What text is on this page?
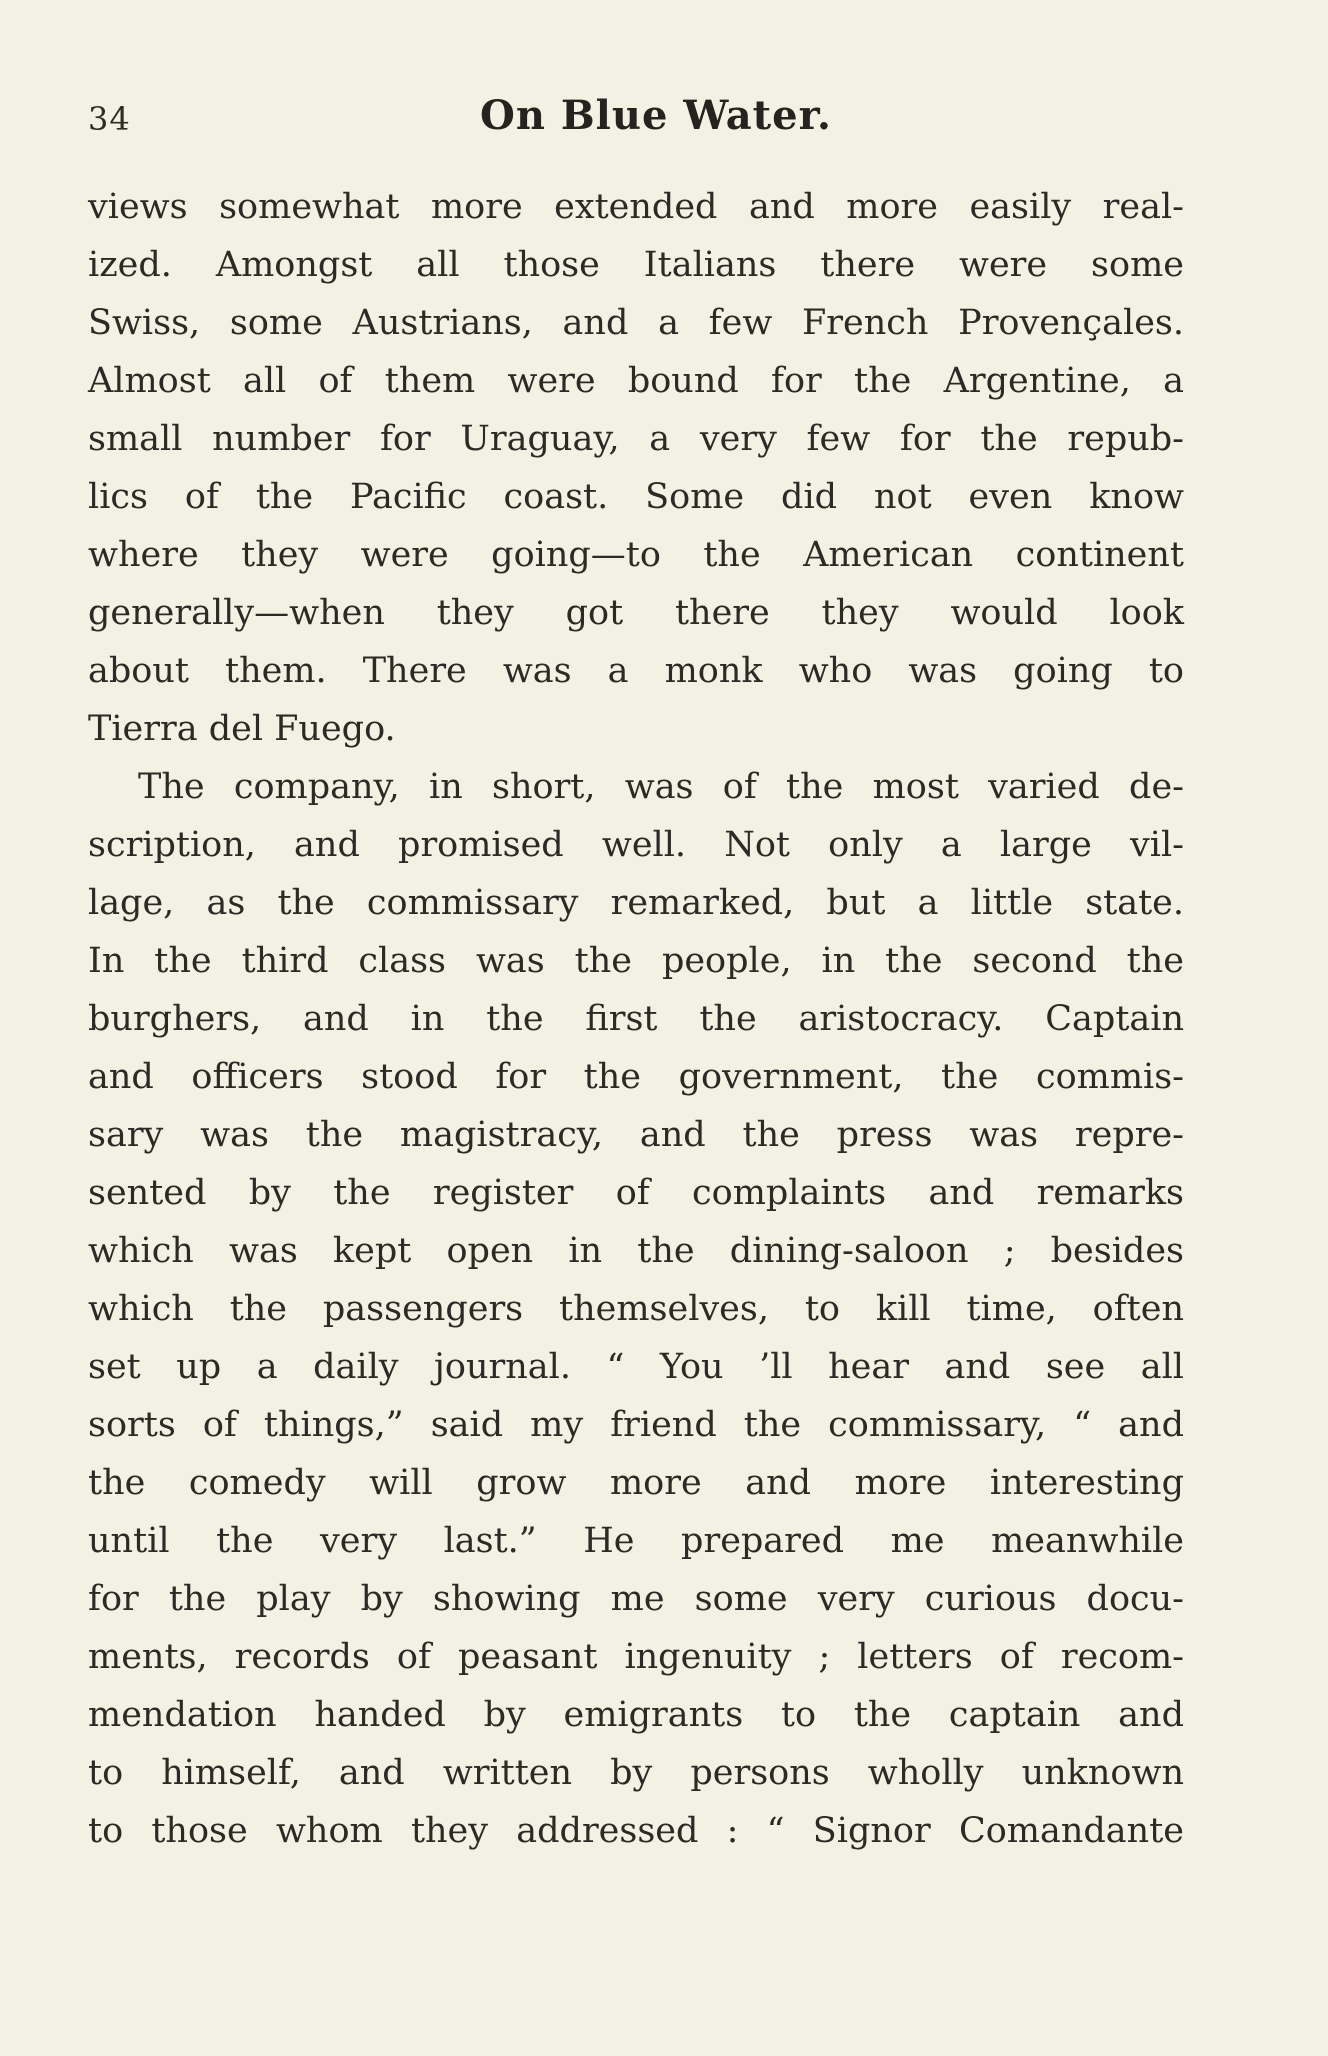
34	On Blue Water.
views somewhat more extended and more easily real-
ized. Amongst all those Italians there were some
Swiss, some Austrians, and a few French Provençales.
Almost all of them were bound for the Argentine, a
small number for Uraguay, a very few for the repub-
lics of the Pacific coast. Some did not even know
where they were going—to the American continent
generally—when they got there they would look
about them. There was a monk who was going to
Tierra del Fuego.
The company, in short, was of the most varied de-
scription, and promised well. Not only a large vil-
lage, as the commissary remarked, but a little state.
In the third class was the people, in the second the
burghers, and in the first the aristocracy. Captain
and officers stood for the government, the commis-
sary was the magistracy, and the press was repre-
sented by the register of complaints and remarks
which was kept open in the dining-saloon ; besides
which the passengers themselves, to kill time, often
set up a daily journal. “ You ’ll hear and see all
sorts of things,” said my friend the commissary, “ and
the comedy will grow more and more interesting
until the very last.” He prepared me meanwhile
for the play by showing me some very curious docu-
ments, records of peasant ingenuity ; letters of recom-
mendation handed by emigrants to the captain and
to himself, and written by persons wholly unknown
to those whom they addressed : “ Signor Comandante
